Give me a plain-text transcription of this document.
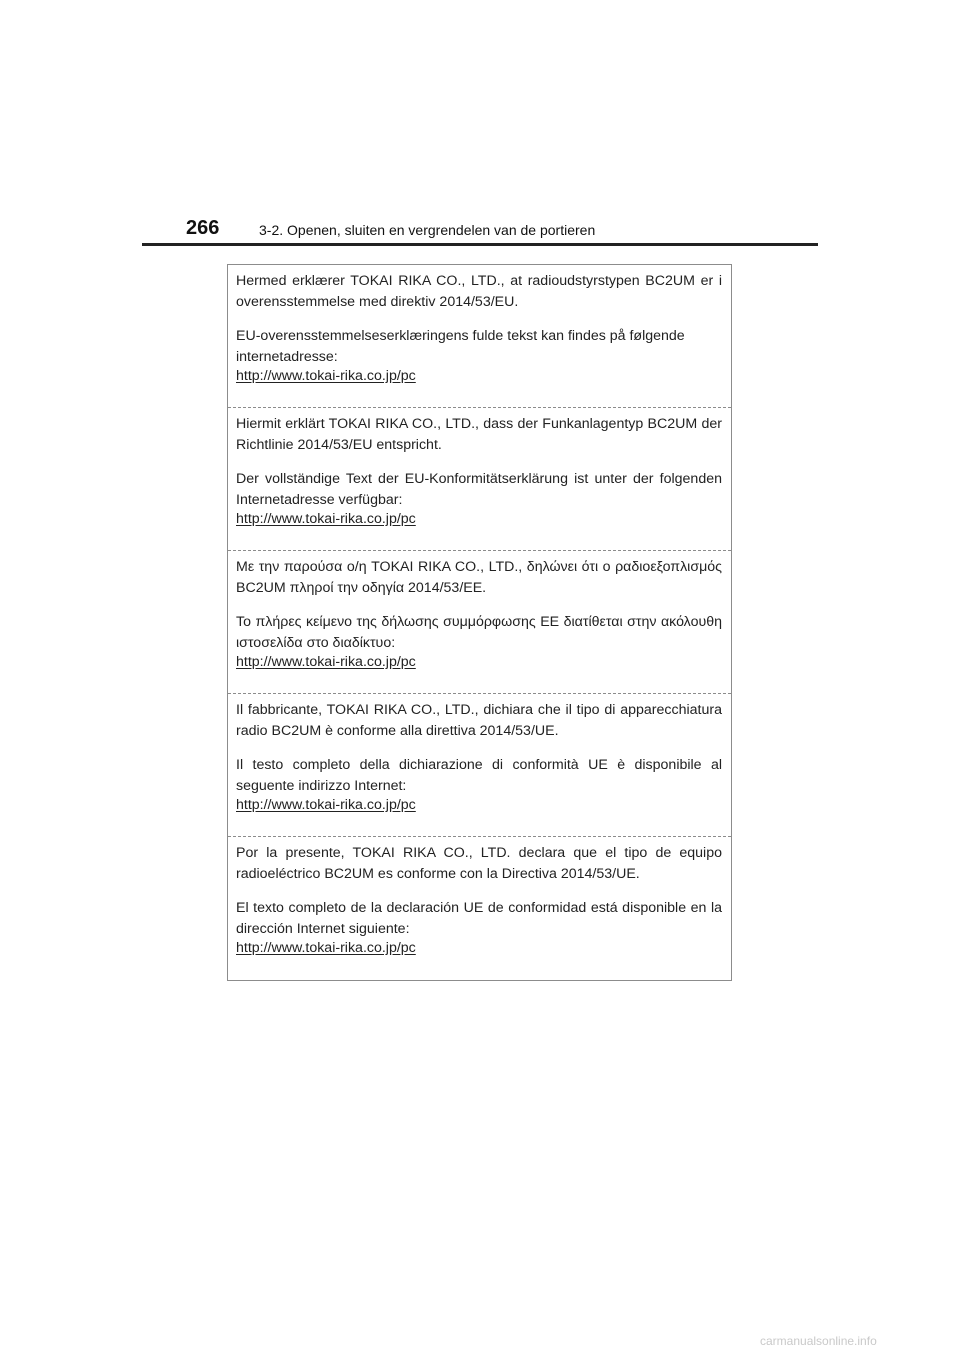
266	3-2. Openen, sluiten en vergrendelen van de portieren

Hermed erklærer TOKAI RIKA CO., LTD., at radioudstyrstypen BC2UM er i overensstemmelse med direktiv 2014/53/EU.

EU-overensstemmelseserklæringens fulde tekst kan findes på følgende internetadresse:

http://www.tokai-rika.co.jp/pc

Hiermit erklärt TOKAI RIKA CO., LTD., dass der Funkanlagentyp BC2UM der Richtlinie 2014/53/EU entspricht.

Der vollständige Text der EU-Konformitätserklärung ist unter der folgenden Internetadresse verfügbar:

http://www.tokai-rika.co.jp/pc

Με την παρούσα ο/η TOKAI RIKA CO., LTD., δηλώνει ότι ο ραδιοεξοπλισμός BC2UM πληροί την οδηγία 2014/53/ΕΕ.

Το πλήρες κείμενο της δήλωσης συμμόρφωσης ΕΕ διατίθεται στην ακόλουθη ιστοσελίδα στο διαδίκτυο:

http://www.tokai-rika.co.jp/pc

Il fabbricante, TOKAI RIKA CO., LTD., dichiara che il tipo di apparecchiatura radio BC2UM è conforme alla direttiva 2014/53/UE.

Il testo completo della dichiarazione di conformità UE è disponibile al seguente indirizzo Internet:

http://www.tokai-rika.co.jp/pc

Por la presente, TOKAI RIKA CO., LTD. declara que el tipo de equipo radioeléctrico BC2UM es conforme con la Directiva 2014/53/UE.

El texto completo de la declaración UE de conformidad está disponible en la dirección Internet siguiente:

http://www.tokai-rika.co.jp/pc
carmanualsonline.info
